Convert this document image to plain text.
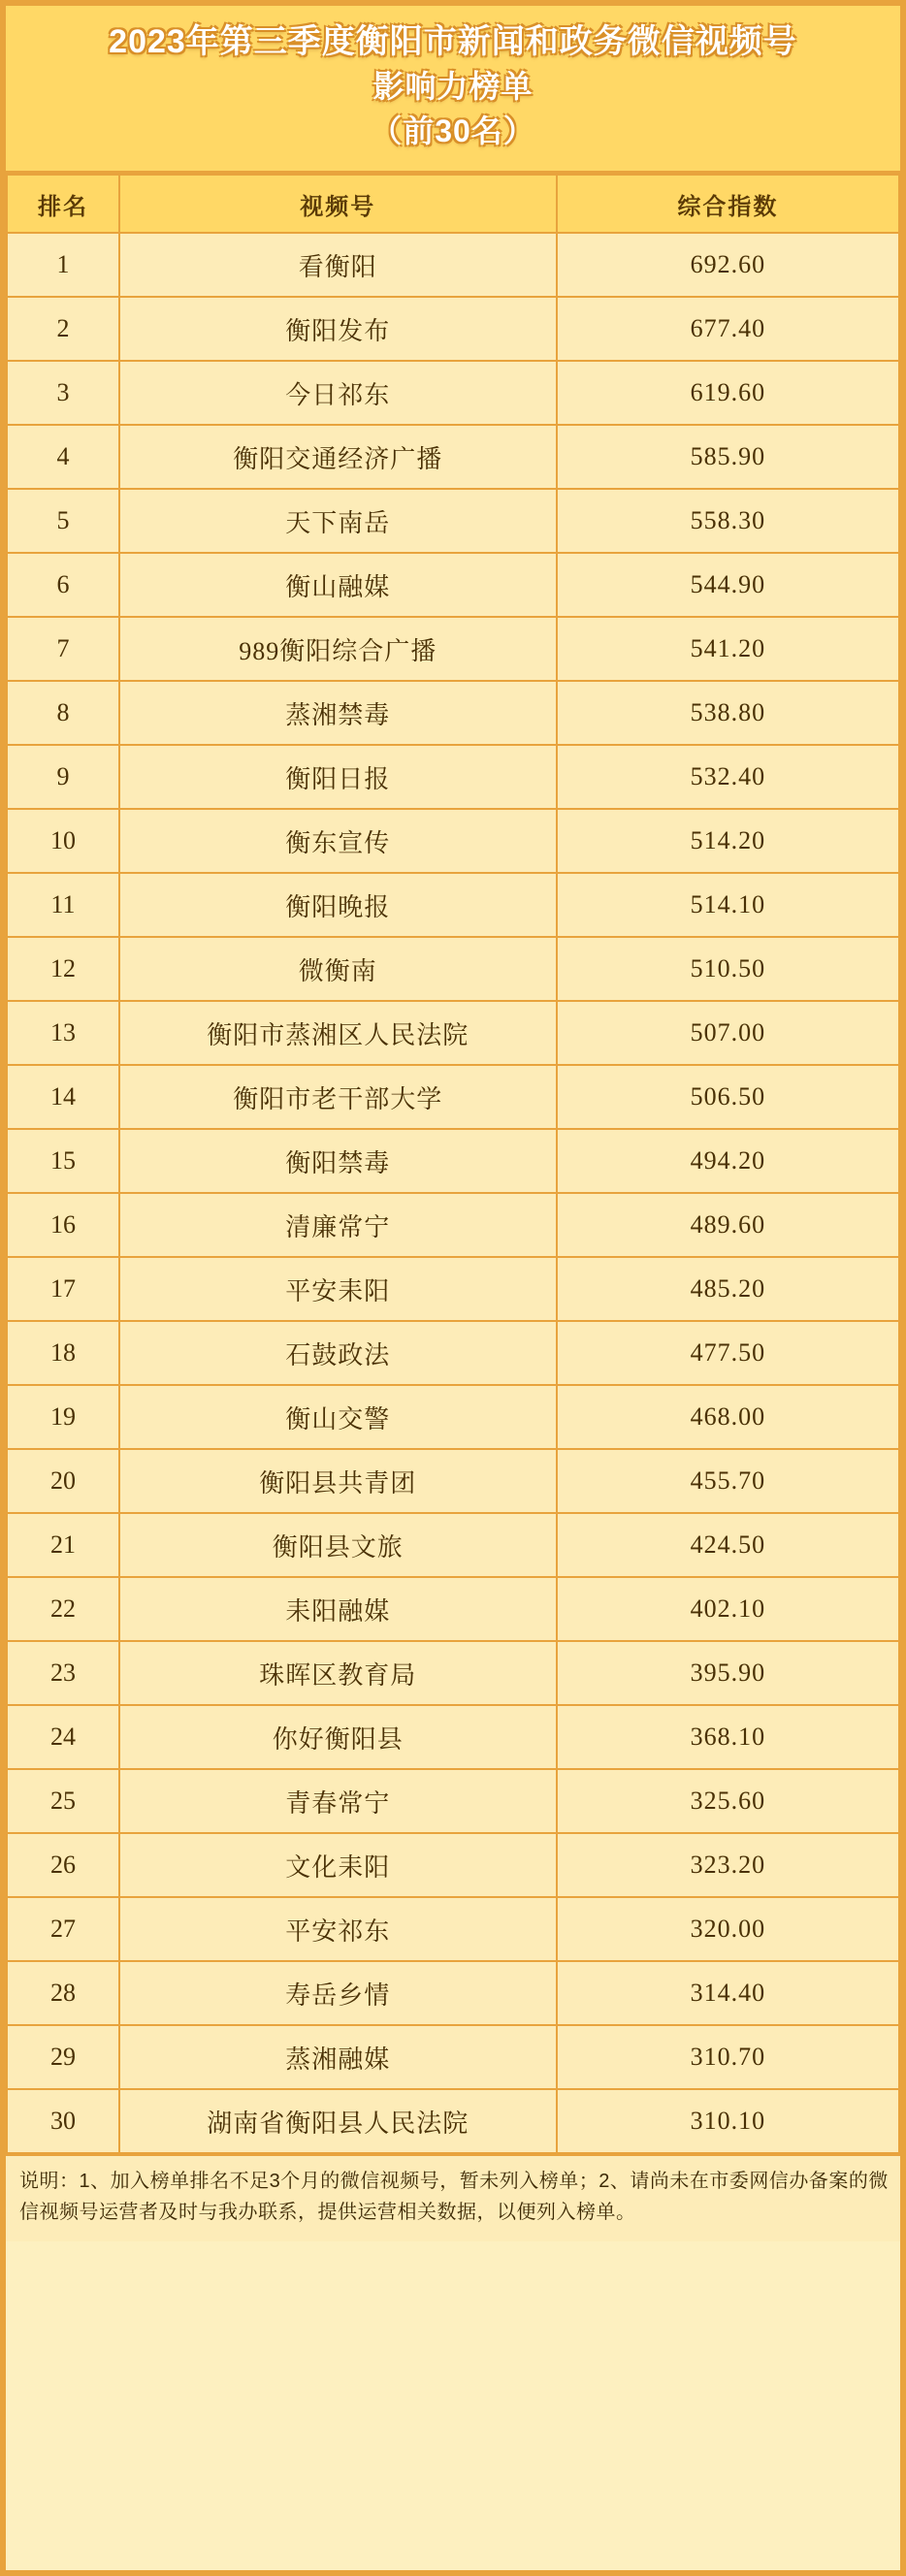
2023年第三季度衡阳市新闻和政务微信视频号
影响力榜单
（前30名）
排名	视频号	综合指数
1	看衡阳	692.60
2	衡阳发布	677.40
3	今日祁东	619.60
4	衡阳交通经济广播	585.90
5	天下南岳	558.30
6	衡山融媒	544.90
7	989衡阳综合广播	541.20
8	蒸湘禁毒	538.80
9	衡阳日报	532.40
10	衡东宣传	514.20
11	衡阳晚报	514.10
12	微衡南	510.50
13	衡阳市蒸湘区人民法院	507.00
14	衡阳市老干部大学	506.50
15	衡阳禁毒	494.20
16	清廉常宁	489.60
17	平安耒阳	485.20
18	石鼓政法	477.50
19	衡山交警	468.00
20	衡阳县共青团	455.70
21	衡阳县文旅	424.50
22	耒阳融媒	402.10
23	珠晖区教育局	395.90
24	你好衡阳县	368.10
25	青春常宁	325.60
26	文化耒阳	323.20
27	平安祁东	320.00
28	寿岳乡情	314.40
29	蒸湘融媒	310.70
30	湖南省衡阳县人民法院	310.10
说明：1、加入榜单排名不足3个月的微信视频号，暂未列入榜单；2、请尚未在市委网信办备案的微信视频号运营者及时与我办联系，提供运营相关数据，以便列入榜单。
